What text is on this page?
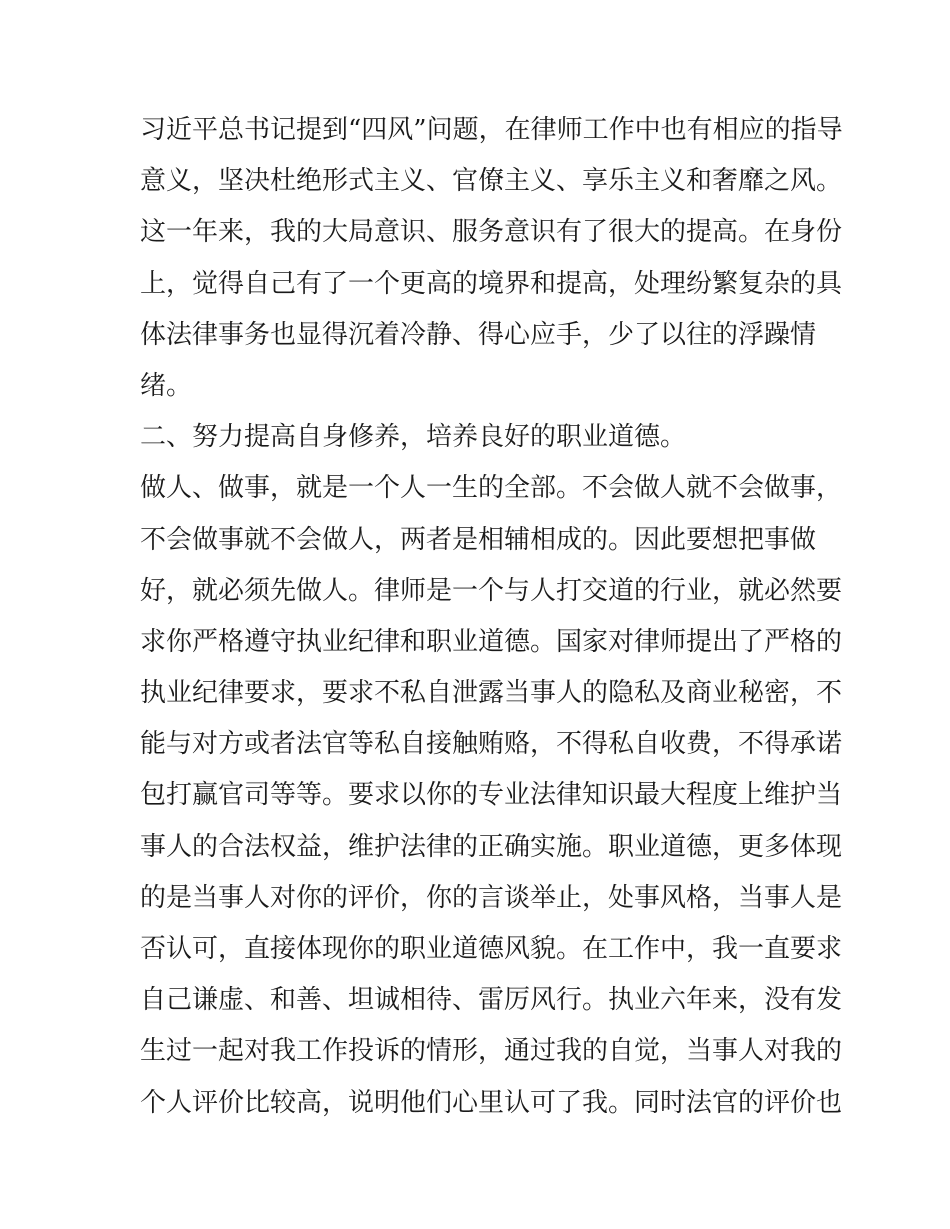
习近平总书记提到“四风”问题，在律师工作中也有相应的指导
意义，坚决杜绝形式主义、官僚主义、享乐主义和奢靡之风。
这一年来，我的大局意识、服务意识有了很大的提高。在身份
上，觉得自己有了一个更高的境界和提高，处理纷繁复杂的具
体法律事务也显得沉着冷静、得心应手，少了以往的浮躁情
绪。
二、努力提高自身修养，培养良好的职业道德。
做人、做事，就是一个人一生的全部。不会做人就不会做事，
不会做事就不会做人，两者是相辅相成的。因此要想把事做
好，就必须先做人。律师是一个与人打交道的行业，就必然要
求你严格遵守执业纪律和职业道德。国家对律师提出了严格的
执业纪律要求，要求不私自泄露当事人的隐私及商业秘密，不
能与对方或者法官等私自接触贿赂，不得私自收费，不得承诺
包打赢官司等等。要求以你的专业法律知识最大程度上维护当
事人的合法权益，维护法律的正确实施。职业道德，更多体现
的是当事人对你的评价，你的言谈举止，处事风格，当事人是
否认可，直接体现你的职业道德风貌。在工作中，我一直要求
自己谦虚、和善、坦诚相待、雷厉风行。执业六年来，没有发
生过一起对我工作投诉的情形，通过我的自觉，当事人对我的
个人评价比较高，说明他们心里认可了我。同时法官的评价也
